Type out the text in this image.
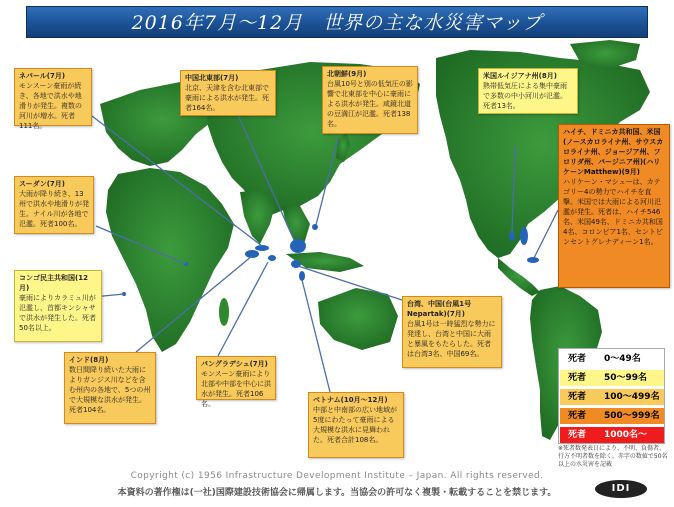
2016年7月～12月　世界の主な水災害マップ
ネパール(7月)
モンスーン豪雨が続き、各地で洪水や地滑りが発生。複数の河川が増水。死者111名。
中国北東部(7月)
北京、天津を含む北東部で豪雨による洪水が発生。死者164名。
北朝鮮(9月)
台風10号と別の低気圧の影響で北東部を中心に豪雨による洪水が発生。咸鏡北道の豆満江が氾濫。死者138名。
米国ルイジアナ州(8月)
熱帯低気圧による集中豪雨で多数の中小河川が氾濫。死者13名。
ハイチ、ドミニカ共和国、米国(ノースカロライナ州、サウスカロライナ州、ジョージア州、フロリダ州、バージニア州)(ハリケーンMatthew)(9月)
ハリケーン・マシューは、カテゴリー4の勢力でハイチを直撃。米国では大雨による河川氾濫が発生。死者は、ハイチ546名、米国49名、ドミニカ共和国4名、コロンビア1名、セントビンセントグレナディーン1名。
スーダン(7月)
大雨が降り続き、13州で洪水や地滑りが発生。ナイル川が各地で氾濫。死者100名。
コンゴ民主共和国(12月)
豪雨によりカラミュ川が氾濫し、首都キンシャサで洪水が発生した。死者50名以上。
インド(8月)
数日間降り続いた大雨によりガンジス川などを含む州内の各地で、5つの州で大規模な洪水が発生。死者104名。
バングラデシュ(7月)
モンスーン豪雨により北部や中部を中心に洪水が発生。死者106名。
台湾、中国(台風1号Nepartak)(7月)
台風1号は一時猛烈な勢力に発達し、台湾と中国に大雨と暴風をもたらした。死者は台湾3名、中国69名。
ベトナム(10月～12月)
中部と中南部の広い地域が5度にわたって豪雨による大規模な洪水に見舞われた。死者合計108名。
死者 0～49名
死者 50～99名
死者 100～499名
死者 500～999名
死者 1000名～
※死者数発表日により、不明、負傷者、行方不明者数を除く。赤字の数値で50名以上の水災害を記載
Copyright (c) 1956 Infrastructure Development Institute – Japan. All rights reserved.
本資料の著作権は(一社)国際建設技術協会に帰属します。当協会の許可なく複製・転載することを禁じます。	IDI
